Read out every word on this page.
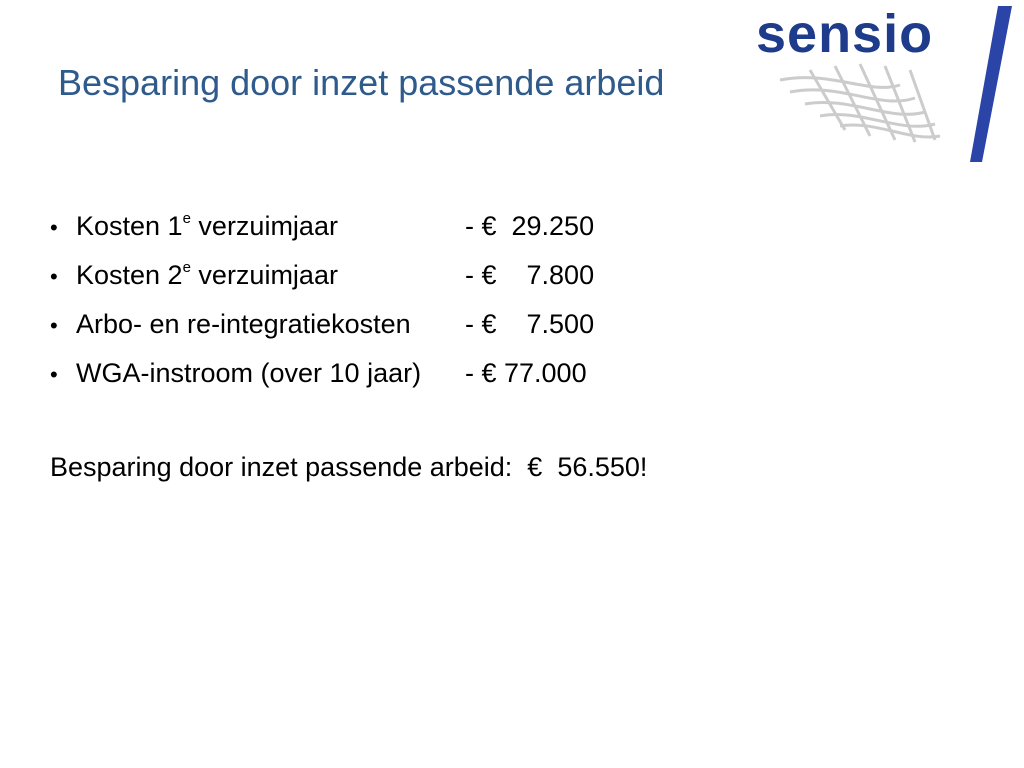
sensio
Besparing door inzet passende arbeid
• Kosten 1e verzuimjaar	- €  29.250
• Kosten 2e verzuimjaar	- €    7.800
• Arbo- en re-integratiekosten - €    7.500
• WGA-instroom (over 10 jaar) - € 77.000

Besparing door inzet passende arbeid:  €  56.550!
